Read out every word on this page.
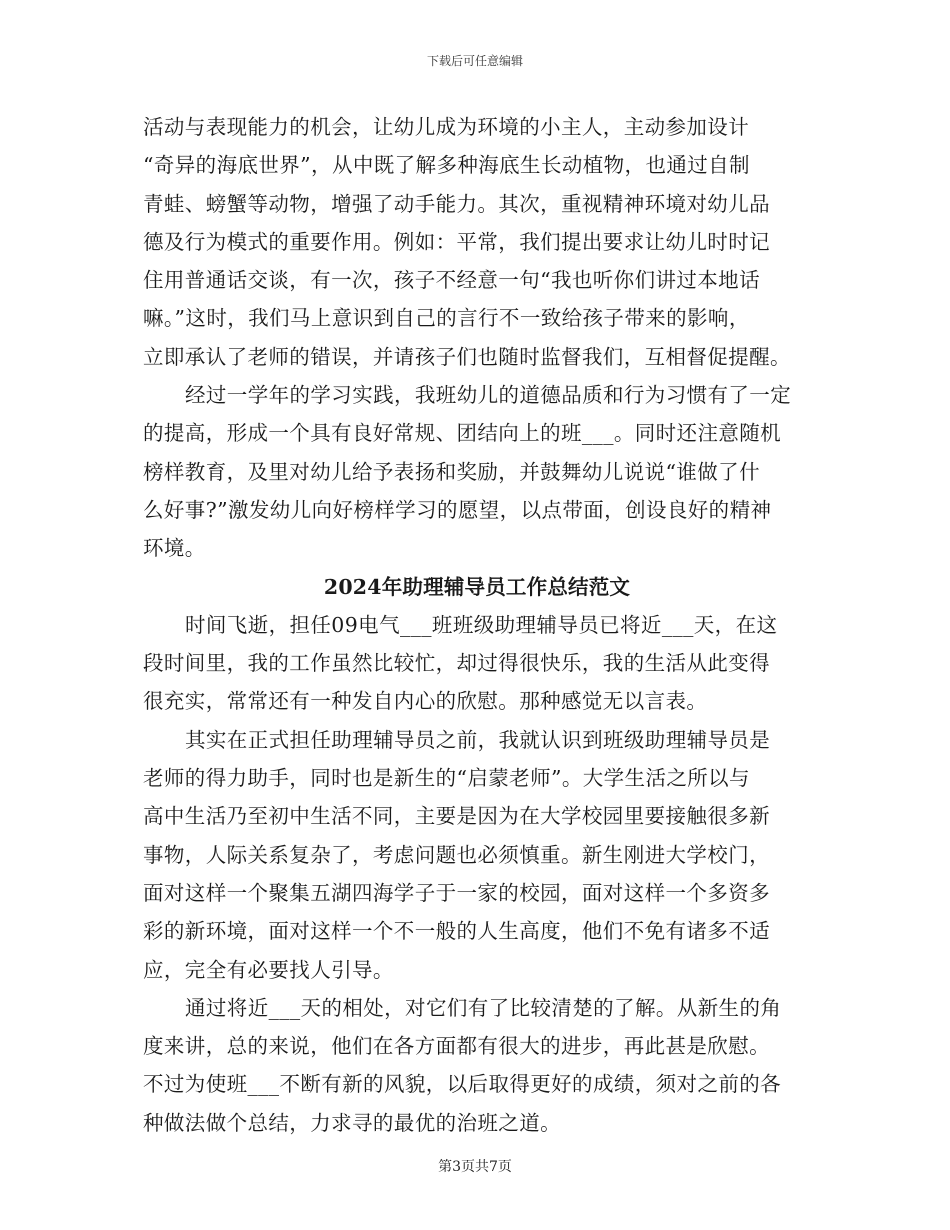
下载后可任意编辑
活动与表现能力的机会，让幼儿成为环境的小主人，主动参加设计
“奇异的海底世界”，从中既了解多种海底生长动植物，也通过自制
青蛙、螃蟹等动物，增强了动手能力。其次，重视精神环境对幼儿品
德及行为模式的重要作用。例如：平常，我们提出要求让幼儿时时记
住用普通话交谈，有一次，孩子不经意一句“我也听你们讲过本地话
嘛。”这时，我们马上意识到自己的言行不一致给孩子带来的影响，
立即承认了老师的错误，并请孩子们也随时监督我们，互相督促提醒。
经过一学年的学习实践，我班幼儿的道德品质和行为习惯有了一定
的提高，形成一个具有良好常规、团结向上的班___。同时还注意随机
榜样教育，及里对幼儿给予表扬和奖励，并鼓舞幼儿说说“谁做了什
么好事?”激发幼儿向好榜样学习的愿望，以点带面，创设良好的精神
环境。
2024年助理辅导员工作总结范文
时间飞逝，担任09电气___班班级助理辅导员已将近___天，在这
段时间里，我的工作虽然比较忙，却过得很快乐，我的生活从此变得
很充实，常常还有一种发自内心的欣慰。那种感觉无以言表。
其实在正式担任助理辅导员之前，我就认识到班级助理辅导员是
老师的得力助手，同时也是新生的“启蒙老师”。大学生活之所以与
高中生活乃至初中生活不同，主要是因为在大学校园里要接触很多新
事物，人际关系复杂了，考虑问题也必须慎重。新生刚进大学校门，
面对这样一个聚集五湖四海学子于一家的校园，面对这样一个多资多
彩的新环境，面对这样一个不一般的人生高度，他们不免有诸多不适
应，完全有必要找人引导。
通过将近___天的相处，对它们有了比较清楚的了解。从新生的角
度来讲，总的来说，他们在各方面都有很大的进步，再此甚是欣慰。
不过为使班___不断有新的风貌，以后取得更好的成绩，须对之前的各
种做法做个总结，力求寻的最优的治班之道。
第3页共7页
